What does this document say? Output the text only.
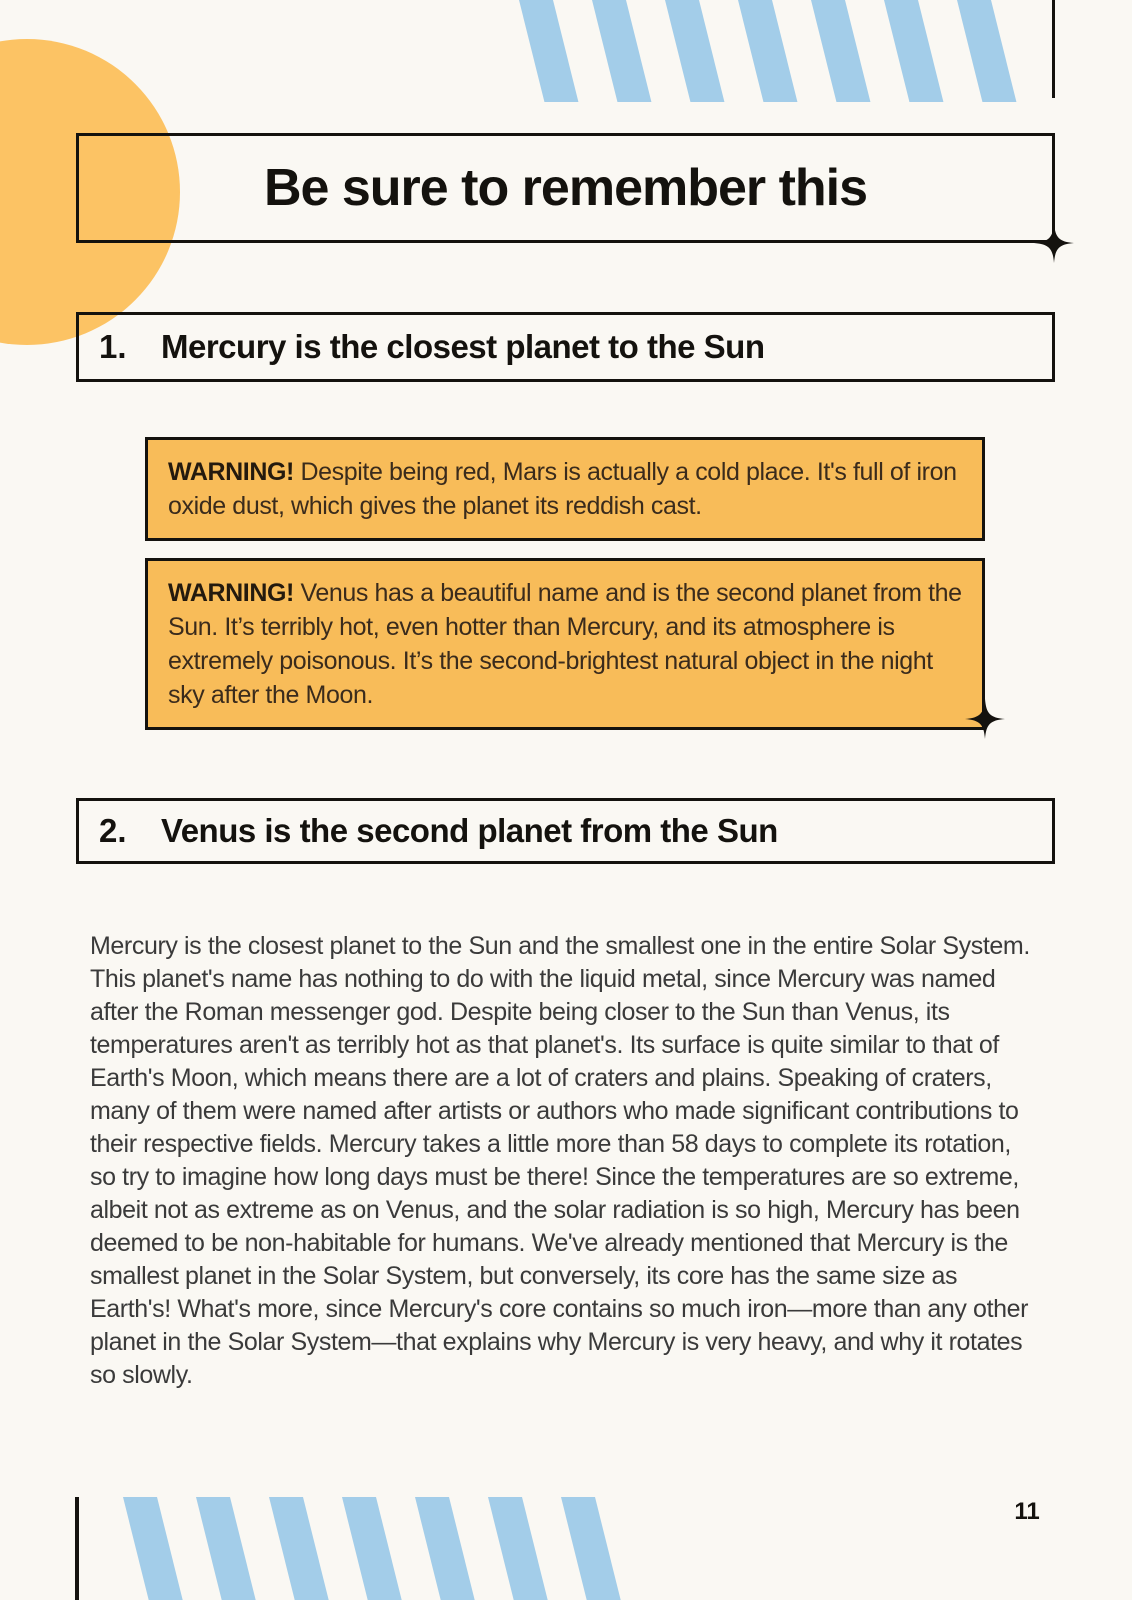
Be sure to remember this
1.	Mercury is the closest planet to the Sun
WARNING! Despite being red, Mars is actually a cold place. It's full of iron oxide dust, which gives the planet its reddish cast.
WARNING! Venus has a beautiful name and is the second planet from the Sun. It’s terribly hot, even hotter than Mercury, and its atmosphere is extremely poisonous. It’s the second-brightest natural object in the night sky after the Moon.
2.	Venus is the second planet from the Sun

Mercury is the closest planet to the Sun and the smallest one in the entire Solar System. This planet's name has nothing to do with the liquid metal, since Mercury was named after the Roman messenger god. Despite being closer to the Sun than Venus, its temperatures aren't as terribly hot as that planet's. Its surface is quite similar to that of Earth's Moon, which means there are a lot of craters and plains. Speaking of craters, many of them were named after artists or authors who made significant contributions to their respective fields. Mercury takes a little more than 58 days to complete its rotation, so try to imagine how long days must be there! Since the temperatures are so extreme, albeit not as extreme as on Venus, and the solar radiation is so high, Mercury has been deemed to be non-habitable for humans. We've already mentioned that Mercury is the smallest planet in the Solar System, but conversely, its core has the same size as Earth's! What's more, since Mercury's core contains so much iron—more than any other planet in the Solar System—that explains why Mercury is very heavy, and why it rotates so slowly.

11
